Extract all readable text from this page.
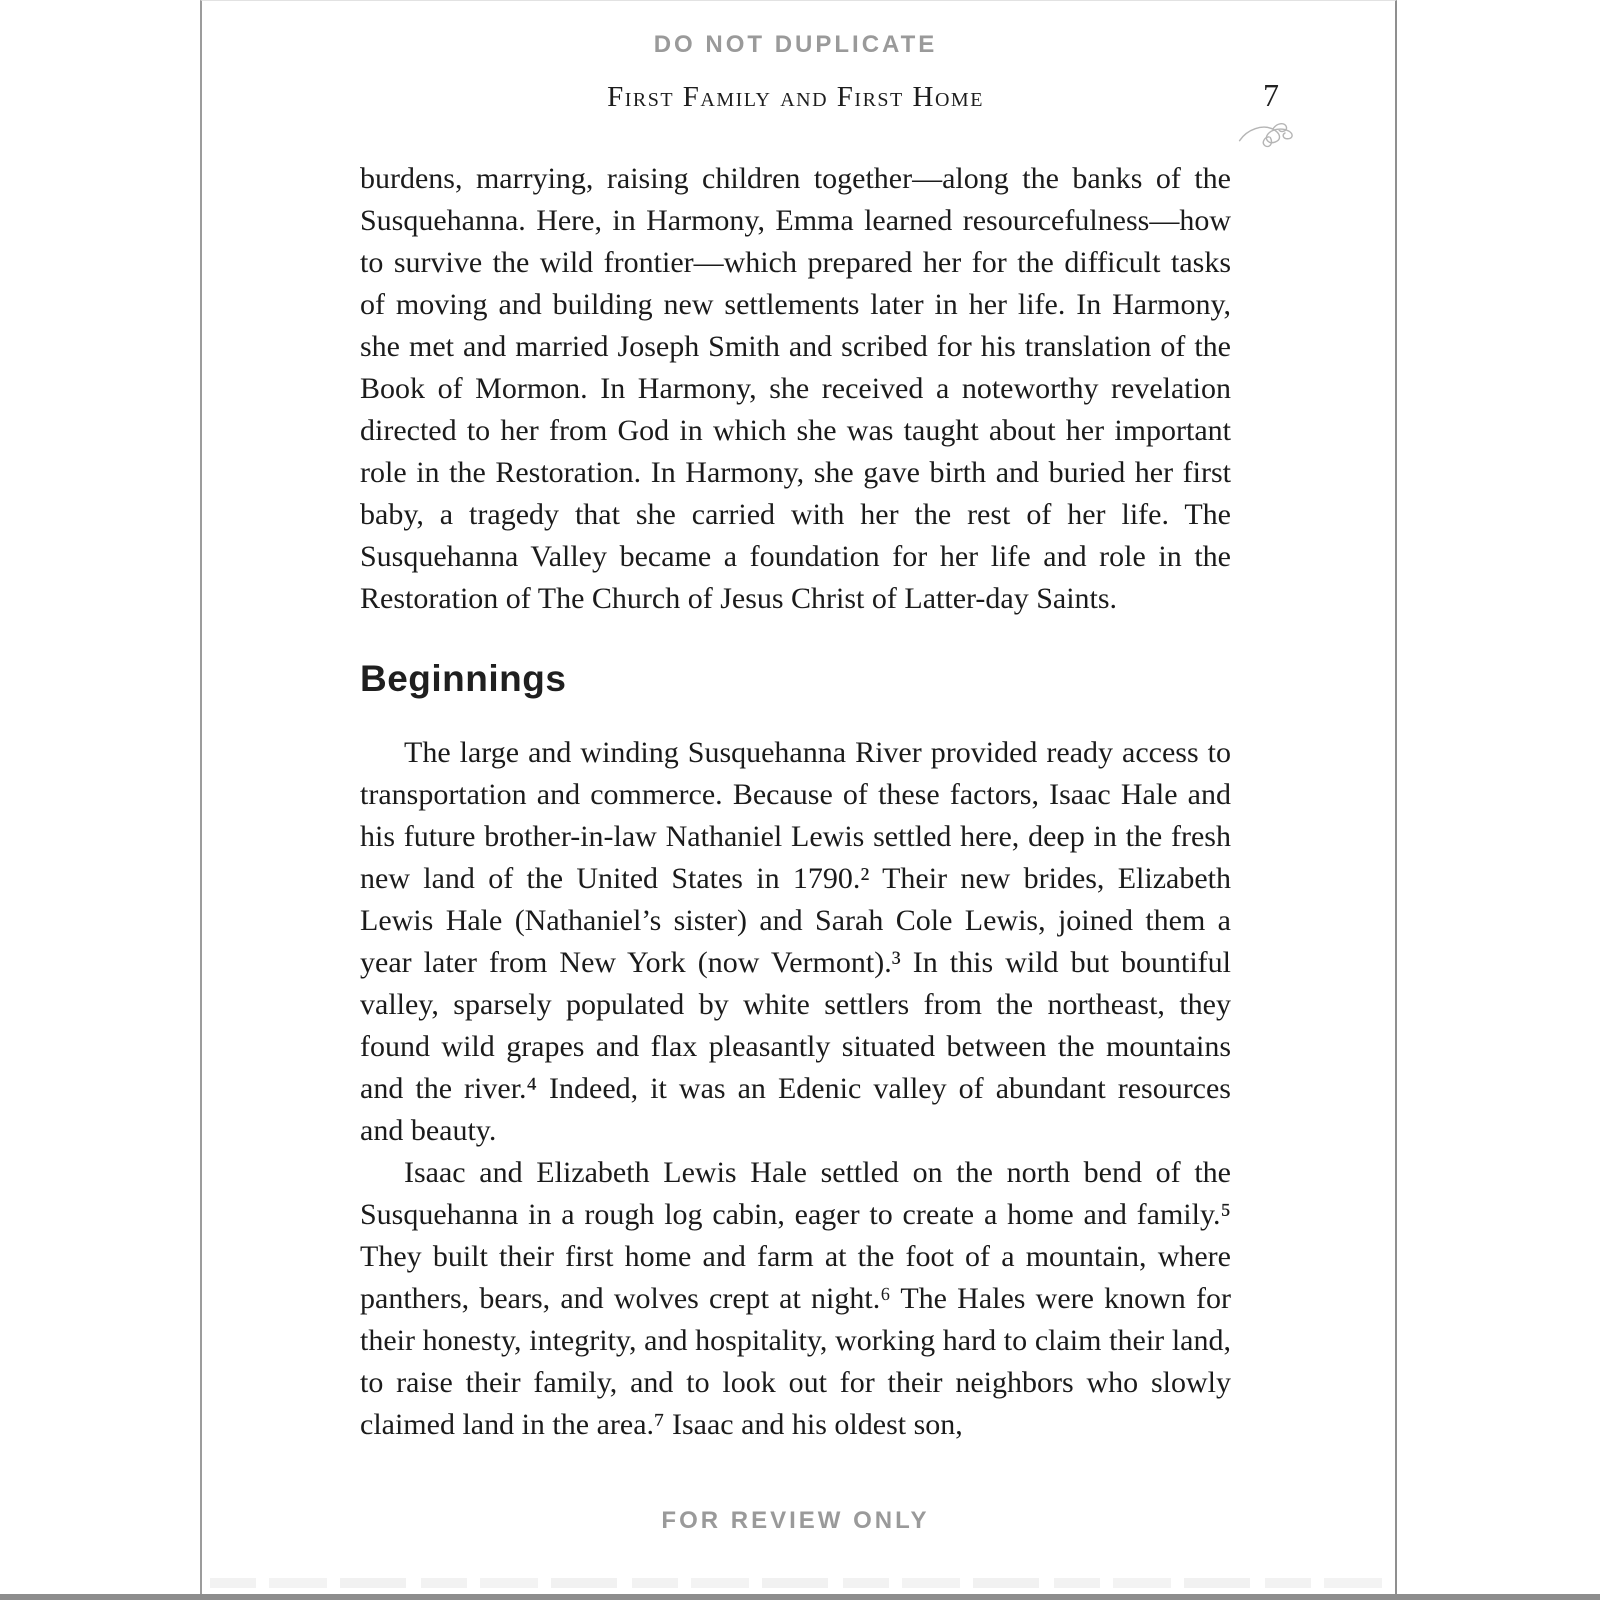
DO NOT DUPLICATE
First Family and First Home	7

burdens, marrying, raising children together—along the banks of the Susquehanna. Here, in Harmony, Emma learned resourcefulness—how to survive the wild frontier—which prepared her for the difficult tasks of moving and building new settlements later in her life. In Harmony, she met and married Joseph Smith and scribed for his translation of the Book of Mormon. In Harmony, she received a noteworthy revelation directed to her from God in which she was taught about her important role in the Restoration. In Harmony, she gave birth and buried her first baby, a tragedy that she carried with her the rest of her life. The Susquehanna Valley became a foundation for her life and role in the Restoration of The Church of Jesus Christ of Latter-day Saints.

Beginnings

The large and winding Susquehanna River provided ready access to transportation and commerce. Because of these factors, Isaac Hale and his future brother-in-law Nathaniel Lewis settled here, deep in the fresh new land of the United States in 1790.² Their new brides, Elizabeth Lewis Hale (Nathaniel’s sister) and Sarah Cole Lewis, joined them a year later from New York (now Vermont).³ In this wild but bountiful valley, sparsely populated by white settlers from the northeast, they found wild grapes and flax pleasantly situated between the mountains and the river.⁴ Indeed, it was an Edenic valley of abundant resources and beauty.

Isaac and Elizabeth Lewis Hale settled on the north bend of the Susquehanna in a rough log cabin, eager to create a home and family.⁵ They built their first home and farm at the foot of a mountain, where panthers, bears, and wolves crept at night.⁶ The Hales were known for their honesty, integrity, and hospitality, working hard to claim their land, to raise their family, and to look out for their neighbors who slowly claimed land in the area.⁷ Isaac and his oldest son,

FOR REVIEW ONLY
